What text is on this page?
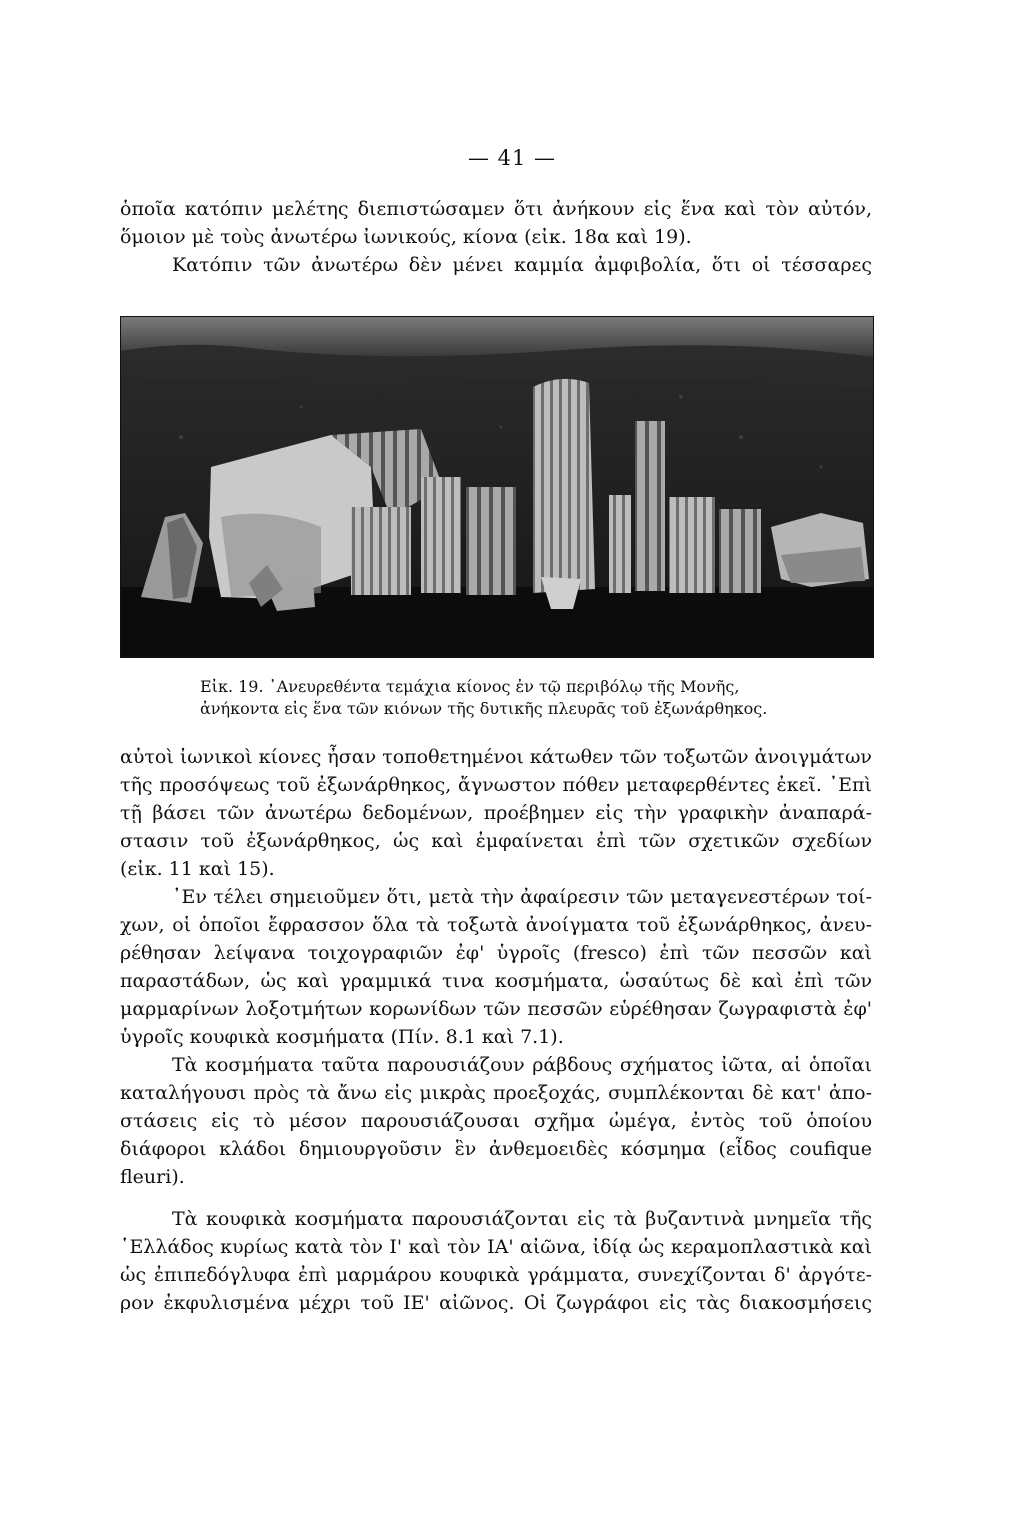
— 41 —

ὁποῖα κατόπιν μελέτης διεπιστώσαμεν ὅτι ἀνήκουν εἰς ἕνα καὶ τὸν αὐτόν,

ὅμοιον μὲ τοὺς ἀνωτέρω ἰωνικούς, κίονα (εἰκ. 18α καὶ 19).

Κατόπιν τῶν ἀνωτέρω δὲν μένει καμμία ἀμφιβολία, ὅτι οἱ τέσσαρες

Εἰκ. 19. ᾿Ανευρεθέντα τεμάχια κίονος ἐν τῷ περιβόλῳ τῆς Μονῆς,
ἀνήκοντα εἰς ἕνα τῶν κιόνων τῆς δυτικῆς πλευρᾶς τοῦ ἐξωνάρθηκος.

αὐτοὶ ἰωνικοὶ κίονες ἦσαν τοποθετημένοι κάτωθεν τῶν τοξωτῶν ἀνοιγμάτων

τῆς προσόψεως τοῦ ἐξωνάρθηκος, ἄγνωστον πόθεν μεταφερθέντες ἐκεῖ. ᾿Επὶ

τῇ βάσει τῶν ἀνωτέρω δεδομένων, προέβημεν εἰς τὴν γραφικὴν ἀναπαρά-

στασιν τοῦ ἐξωνάρθηκος, ὡς καὶ ἐμφαίνεται ἐπὶ τῶν σχετικῶν σχεδίων

(εἰκ. 11 καὶ 15).

᾿Εν τέλει σημειοῦμεν ὅτι, μετὰ τὴν ἀφαίρεσιν τῶν μεταγενεστέρων τοί-

χων, οἱ ὁποῖοι ἔφρασσον ὅλα τὰ τοξωτὰ ἀνοίγματα τοῦ ἐξωνάρθηκος, ἀνευ-

ρέθησαν λείψανα τοιχογραφιῶν ἐφ' ὑγροῖς (fresco) ἐπὶ τῶν πεσσῶν καὶ

παραστάδων, ὡς καὶ γραμμικά τινα κοσμήματα, ὡσαύτως δὲ καὶ ἐπὶ τῶν

μαρμαρίνων λοξοτμήτων κορωνίδων τῶν πεσσῶν εὑρέθησαν ζωγραφιστὰ ἐφ'

ὑγροῖς κουφικὰ κοσμήματα (Πίν. 8.1 καὶ 7.1).

Τὰ κοσμήματα ταῦτα παρουσιάζουν ράβδους σχήματος ἰῶτα, αἱ ὁποῖαι

καταλήγουσι πρὸς τὰ ἄνω εἰς μικρὰς προεξοχάς, συμπλέκονται δὲ κατ' ἀπο-

στάσεις εἰς τὸ μέσον παρουσιάζουσαι σχῆμα ὠμέγα, ἐντὸς τοῦ ὁποίου

διάφοροι κλάδοι δημιουργοῦσιν ἓν ἀνθεμοειδὲς κόσμημα (εἶδος coufique

fleuri).

Τὰ κουφικὰ κοσμήματα παρουσιάζονται εἰς τὰ βυζαντινὰ μνημεῖα τῆς

῾Ελλάδος κυρίως κατὰ τὸν Ι' καὶ τὸν ΙΑ' αἰῶνα, ἰδίᾳ ὡς κεραμοπλαστικὰ καὶ

ὡς ἐπιπεδόγλυφα ἐπὶ μαρμάρου κουφικὰ γράμματα, συνεχίζονται δ' ἀργότε-

ρον ἐκφυλισμένα μέχρι τοῦ ΙΕ' αἰῶνος. Οἱ ζωγράφοι εἰς τὰς διακοσμήσεις
